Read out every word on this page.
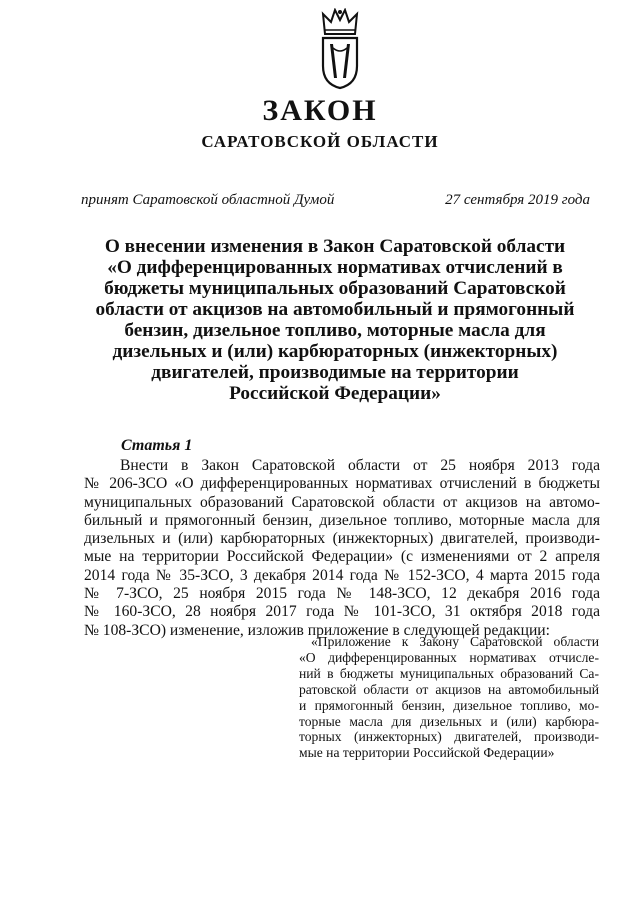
ЗАКОН
САРАТОВСКОЙ ОБЛАСТИ
принят Саратовской областной Думой	27 сентября 2019 года
О внесении изменения в Закон Саратовской области
«О дифференцированных нормативах отчислений в
бюджеты муниципальных образований Саратовской
области от акцизов на автомобильный и прямогонный
бензин, дизельное топливо, моторные масла для
дизельных и (или) карбюраторных (инжекторных)
двигателей, производимые на территории
Российской Федерации»
Статья 1
Внести в Закон Саратовской области от 25 ноября 2013 года
№ 206-ЗСО «О дифференцированных нормативах отчислений в бюджеты
муниципальных образований Саратовской области от акцизов на автомо-
бильный и прямогонный бензин, дизельное топливо, моторные масла для
дизельных и (или) карбюраторных (инжекторных) двигателей, производи-
мые на территории Российской Федерации» (с изменениями от 2 апреля
2014 года № 35-ЗСО, 3 декабря 2014 года № 152-ЗСО, 4 марта 2015 года
№ 7-ЗСО, 25 ноября 2015 года № 148-ЗСО, 12 декабря 2016 года
№ 160-ЗСО, 28 ноября 2017 года № 101-ЗСО, 31 октября 2018 года
№ 108-ЗСО) изменение, изложив приложение в следующей редакции:
«Приложение к Закону Саратовской области
«О дифференцированных нормативах отчисле-
ний в бюджеты муниципальных образований Са-
ратовской области от акцизов на автомобильный
и прямогонный бензин, дизельное топливо, мо-
торные масла для дизельных и (или) карбюра-
торных (инжекторных) двигателей, производи-
мые на территории Российской Федерации»
